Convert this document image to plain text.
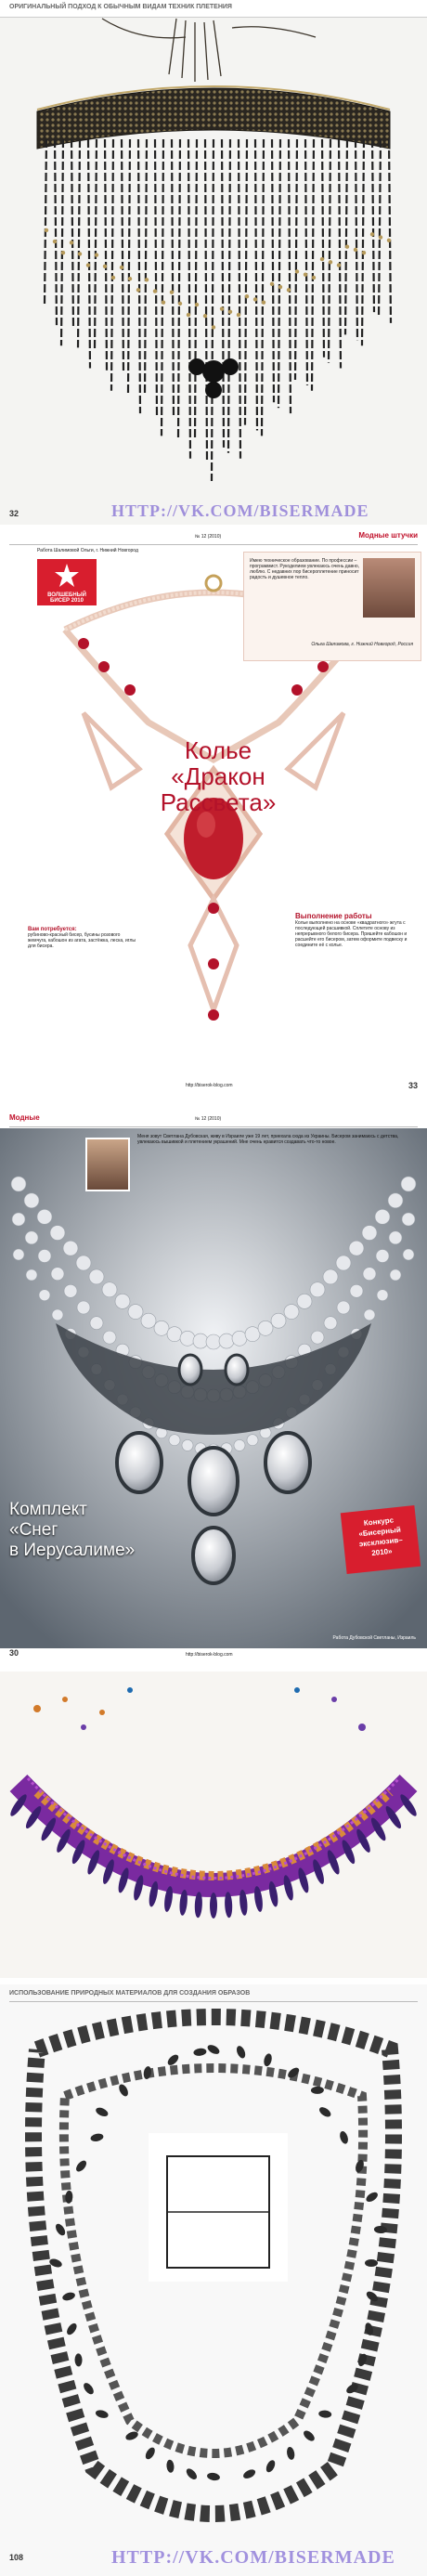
ОРИГИНАЛЬНЫЙ ПОДХОД К ОБЫЧНЫМ ВИДАМ ТЕХНИК ПЛЕТЕНИЯ
32	HTTP://VK.COM/BISERMADE
№ 12 (2010)	Модные штучки
Работа Шалимовой Ольги, г. Нижний Новгород
ВОЛШЕБНЫЙ БИСЕР 2010
Имею техническое образование. По профессии – программист. Рукоделием увлекаюсь очень давно, люблю. С недавних пор бисероплетение приносит радость и душевное тепло.
Ольга Шалимова, г. Нижний Новгород, Россия
Колье
«Дракон
Рассвета»
Вам потребуется:
рубиново-красный бисер, бусины розового жемчуга, кабошон из агата, застёжка, леска, иглы для бисера.
Выполнение работы
Колье выполнено на основе «квадратного» жгута с последующей расшивкой. Сплетите основу из непрерывного белого бисера. Пришейте кабошон и расшейте его бисером, затем оформите подвеску и соедините её с колье.
http://biserok-blog.com	33
Модные	№ 12 (2010)
Меня зовут Светлана Дубовская, живу в Израиле уже 19 лет, приехала сюда из Украины. Бисером занимаюсь с детства, увлекаюсь вышивкой и плетением украшений. Мне очень нравится создавать что-то новое.
Комплект
«Снег
в Иерусалиме»
Конкурс
«Бисерный
эксклюзив–
2010»
Работа Дубовской Светланы, Израиль
30	http://biserok-blog.com
ИСПОЛЬЗОВАНИЕ ПРИРОДНЫХ МАТЕРИАЛОВ ДЛЯ СОЗДАНИЯ ОБРАЗОВ
108	HTTP://VK.COM/BISERMADE
